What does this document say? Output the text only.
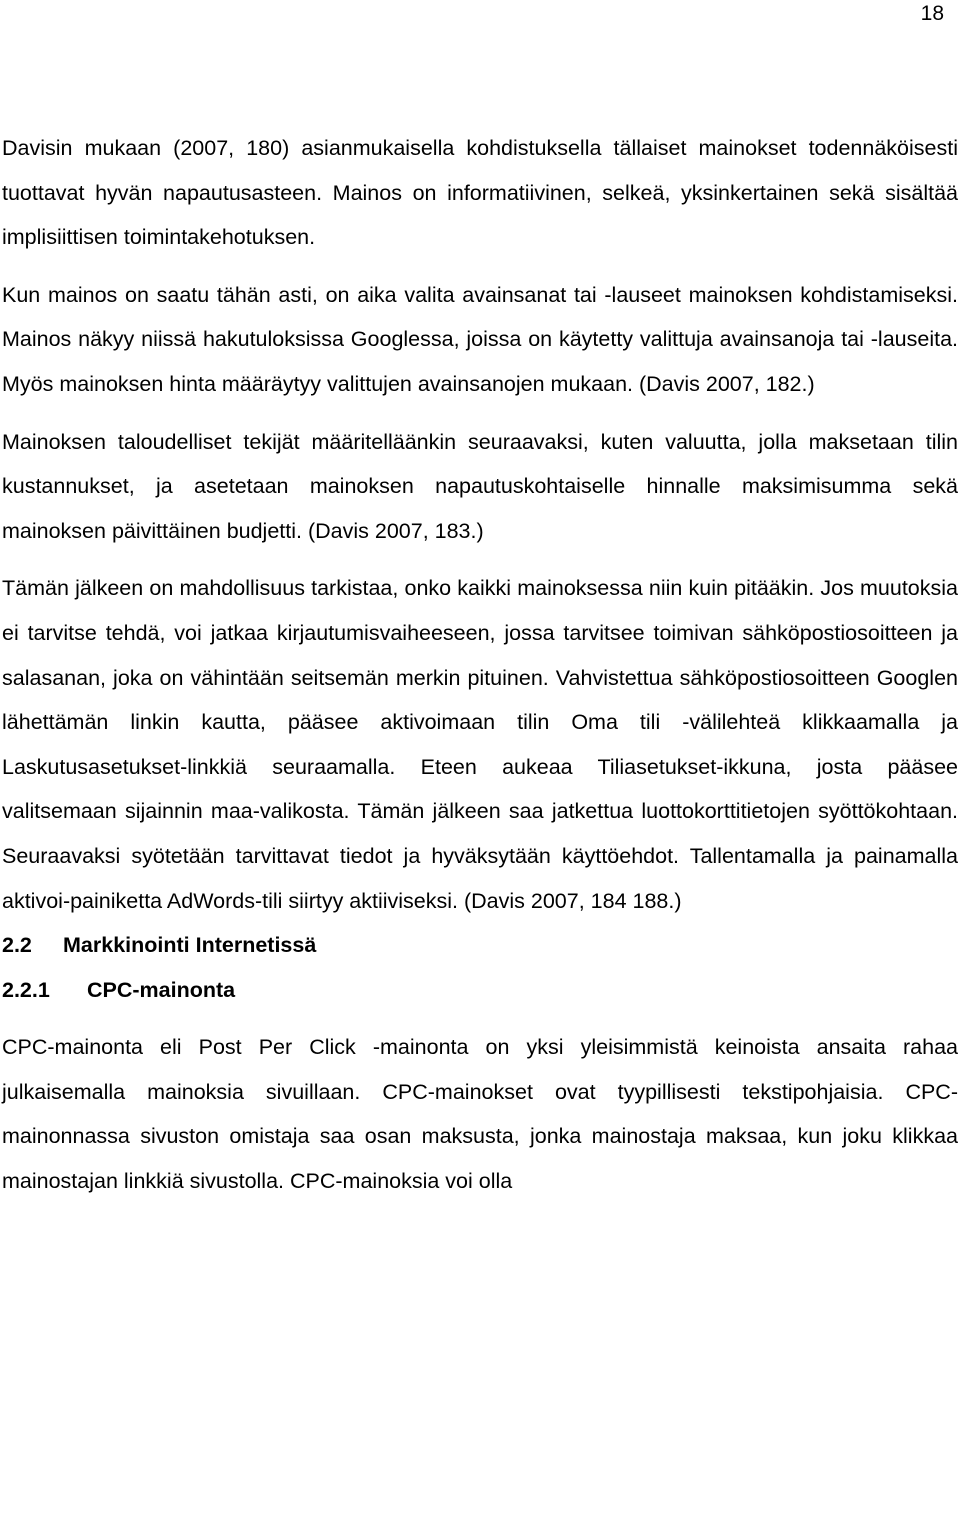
18

Davisin mukaan (2007, 180) asianmukaisella kohdistuksella tällaiset mainokset todennäköisesti tuottavat hyvän napautusasteen. Mainos on informatiivinen, selkeä, yksinkertainen sekä sisältää implisiittisen toimintakehotuksen.

Kun mainos on saatu tähän asti, on aika valita avainsanat tai -lauseet mainoksen kohdistamiseksi. Mainos näkyy niissä hakutuloksissa Googlessa, joissa on käytetty valittuja avainsanoja tai -lauseita. Myös mainoksen hinta määräytyy valittujen avainsanojen mukaan. (Davis 2007, 182.)

Mainoksen taloudelliset tekijät määritelläänkin seuraavaksi, kuten valuutta, jolla maksetaan tilin kustannukset, ja asetetaan mainoksen napautuskohtaiselle hinnalle maksimisumma sekä mainoksen päivittäinen budjetti. (Davis 2007, 183.)

Tämän jälkeen on mahdollisuus tarkistaa, onko kaikki mainoksessa niin kuin pitääkin. Jos muutoksia ei tarvitse tehdä, voi jatkaa kirjautumisvaiheeseen, jossa tarvitsee toimivan sähköpostiosoitteen ja salasanan, joka on vähintään seitsemän merkin pituinen. Vahvistettua sähköpostiosoitteen Googlen lähettämän linkin kautta, pääsee aktivoimaan tilin Oma tili -välilehteä klikkaamalla ja Laskutusasetukset-linkkiä seuraamalla. Eteen aukeaa Tiliasetukset-ikkuna, josta pääsee valitsemaan sijainnin maa-valikosta. Tämän jälkeen saa jatkettua luottokorttitietojen syöttökohtaan. Seuraavaksi syötetään tarvittavat tiedot ja hyväksytään käyttöehdot. Tallentamalla ja painamalla aktivoi-painiketta AdWords-tili siirtyy aktiiviseksi. (Davis 2007, 184 188.)

2.2	Markkinointi Internetissä
2.2.1	CPC-mainonta

CPC-mainonta eli Post Per Click -mainonta on yksi yleisimmistä keinoista ansaita rahaa julkaisemalla mainoksia sivuillaan. CPC-mainokset ovat tyypillisesti tekstipohjaisia. CPC-mainonnassa sivuston omistaja saa osan maksusta, jonka mainostaja maksaa, kun joku klikkaa mainostajan linkkiä sivustolla. CPC-mainoksia voi olla
